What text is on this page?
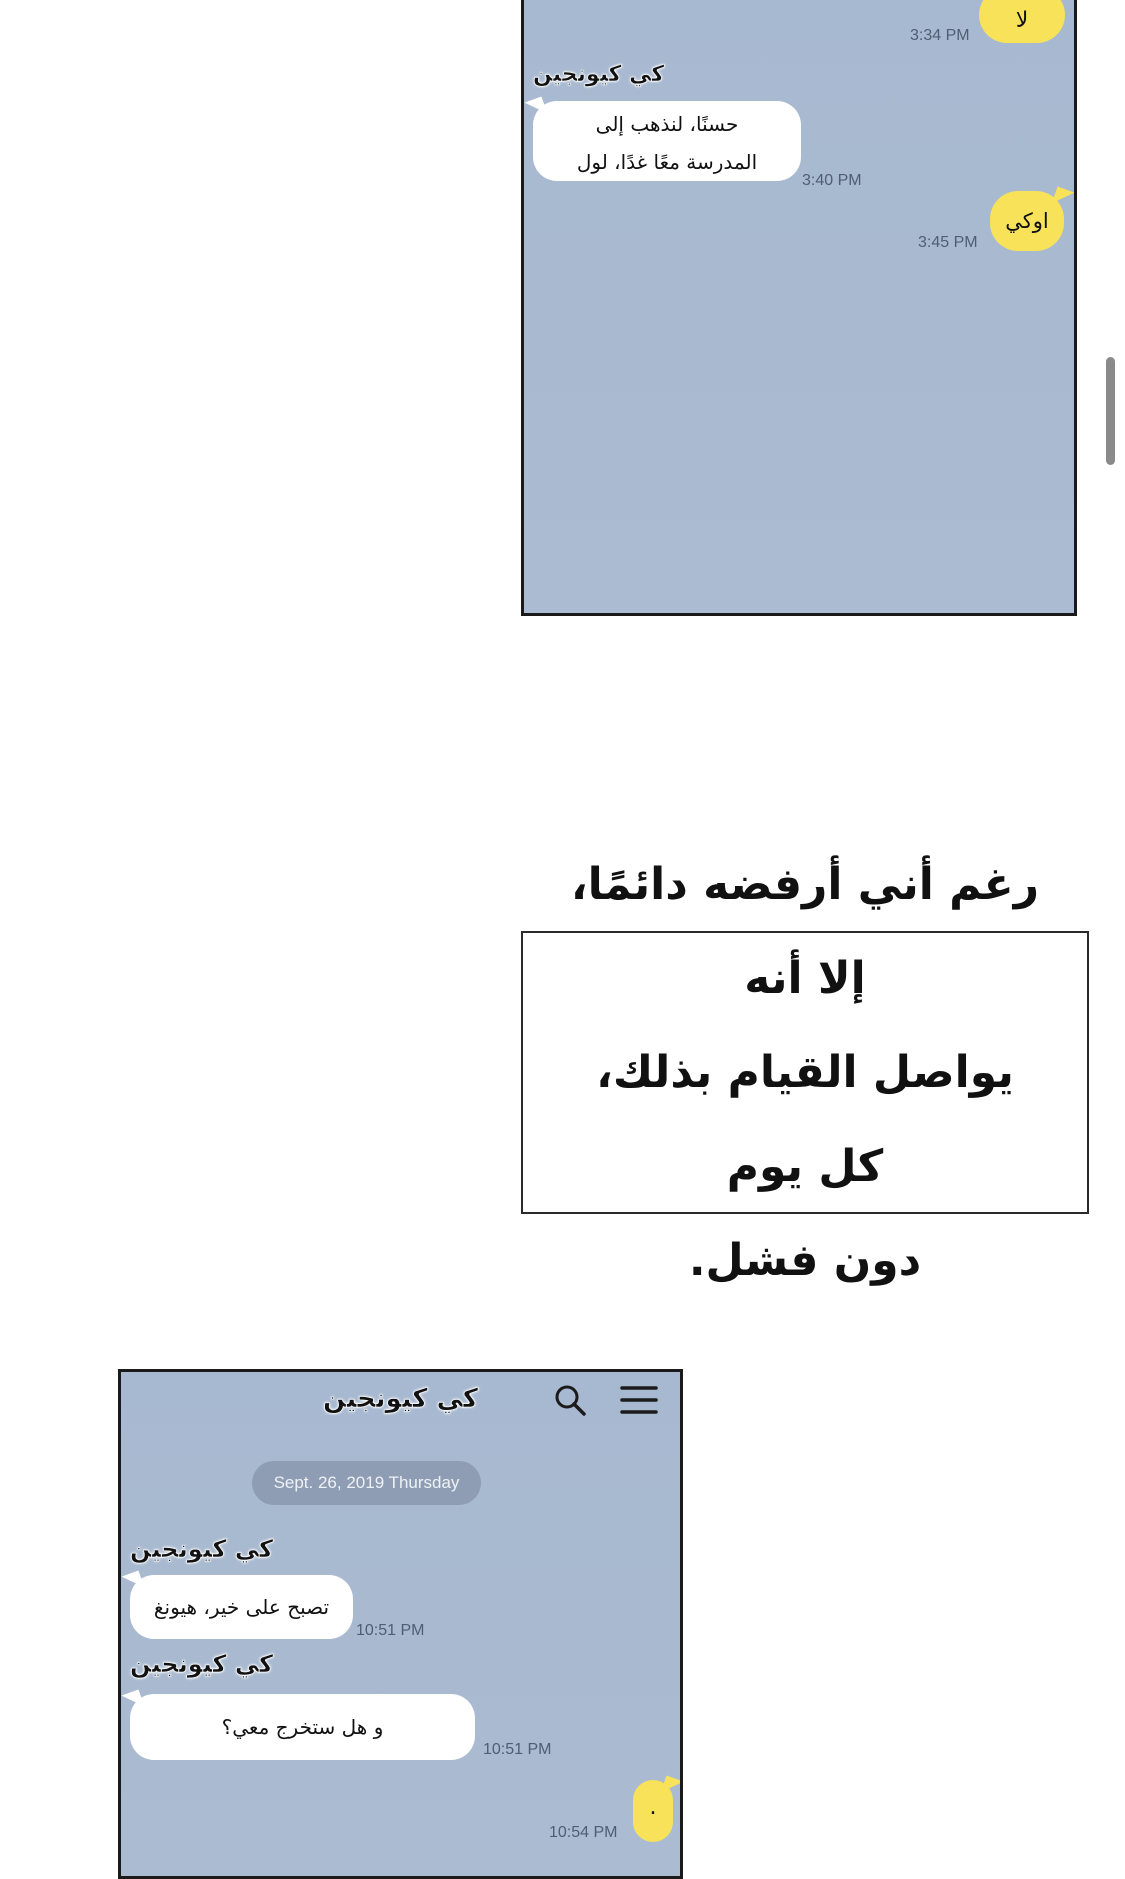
لا
3:34 PM
كي كيونجين
حسنًا، لنذهب إلى
المدرسة معًا غدًا، لول
3:40 PM
اوكي
3:45 PM
رغم أني أرفضه دائمًا، إلا أنه
يواصل القيام بذلك، كل يوم
دون فشل.
كي كيونجين
Sept. 26, 2019 Thursday
كي كيونجين
تصبح على خير، هيونغ
10:51 PM
كي كيونجين
و هل ستخرج معي؟
10:51 PM
.
10:54 PM
